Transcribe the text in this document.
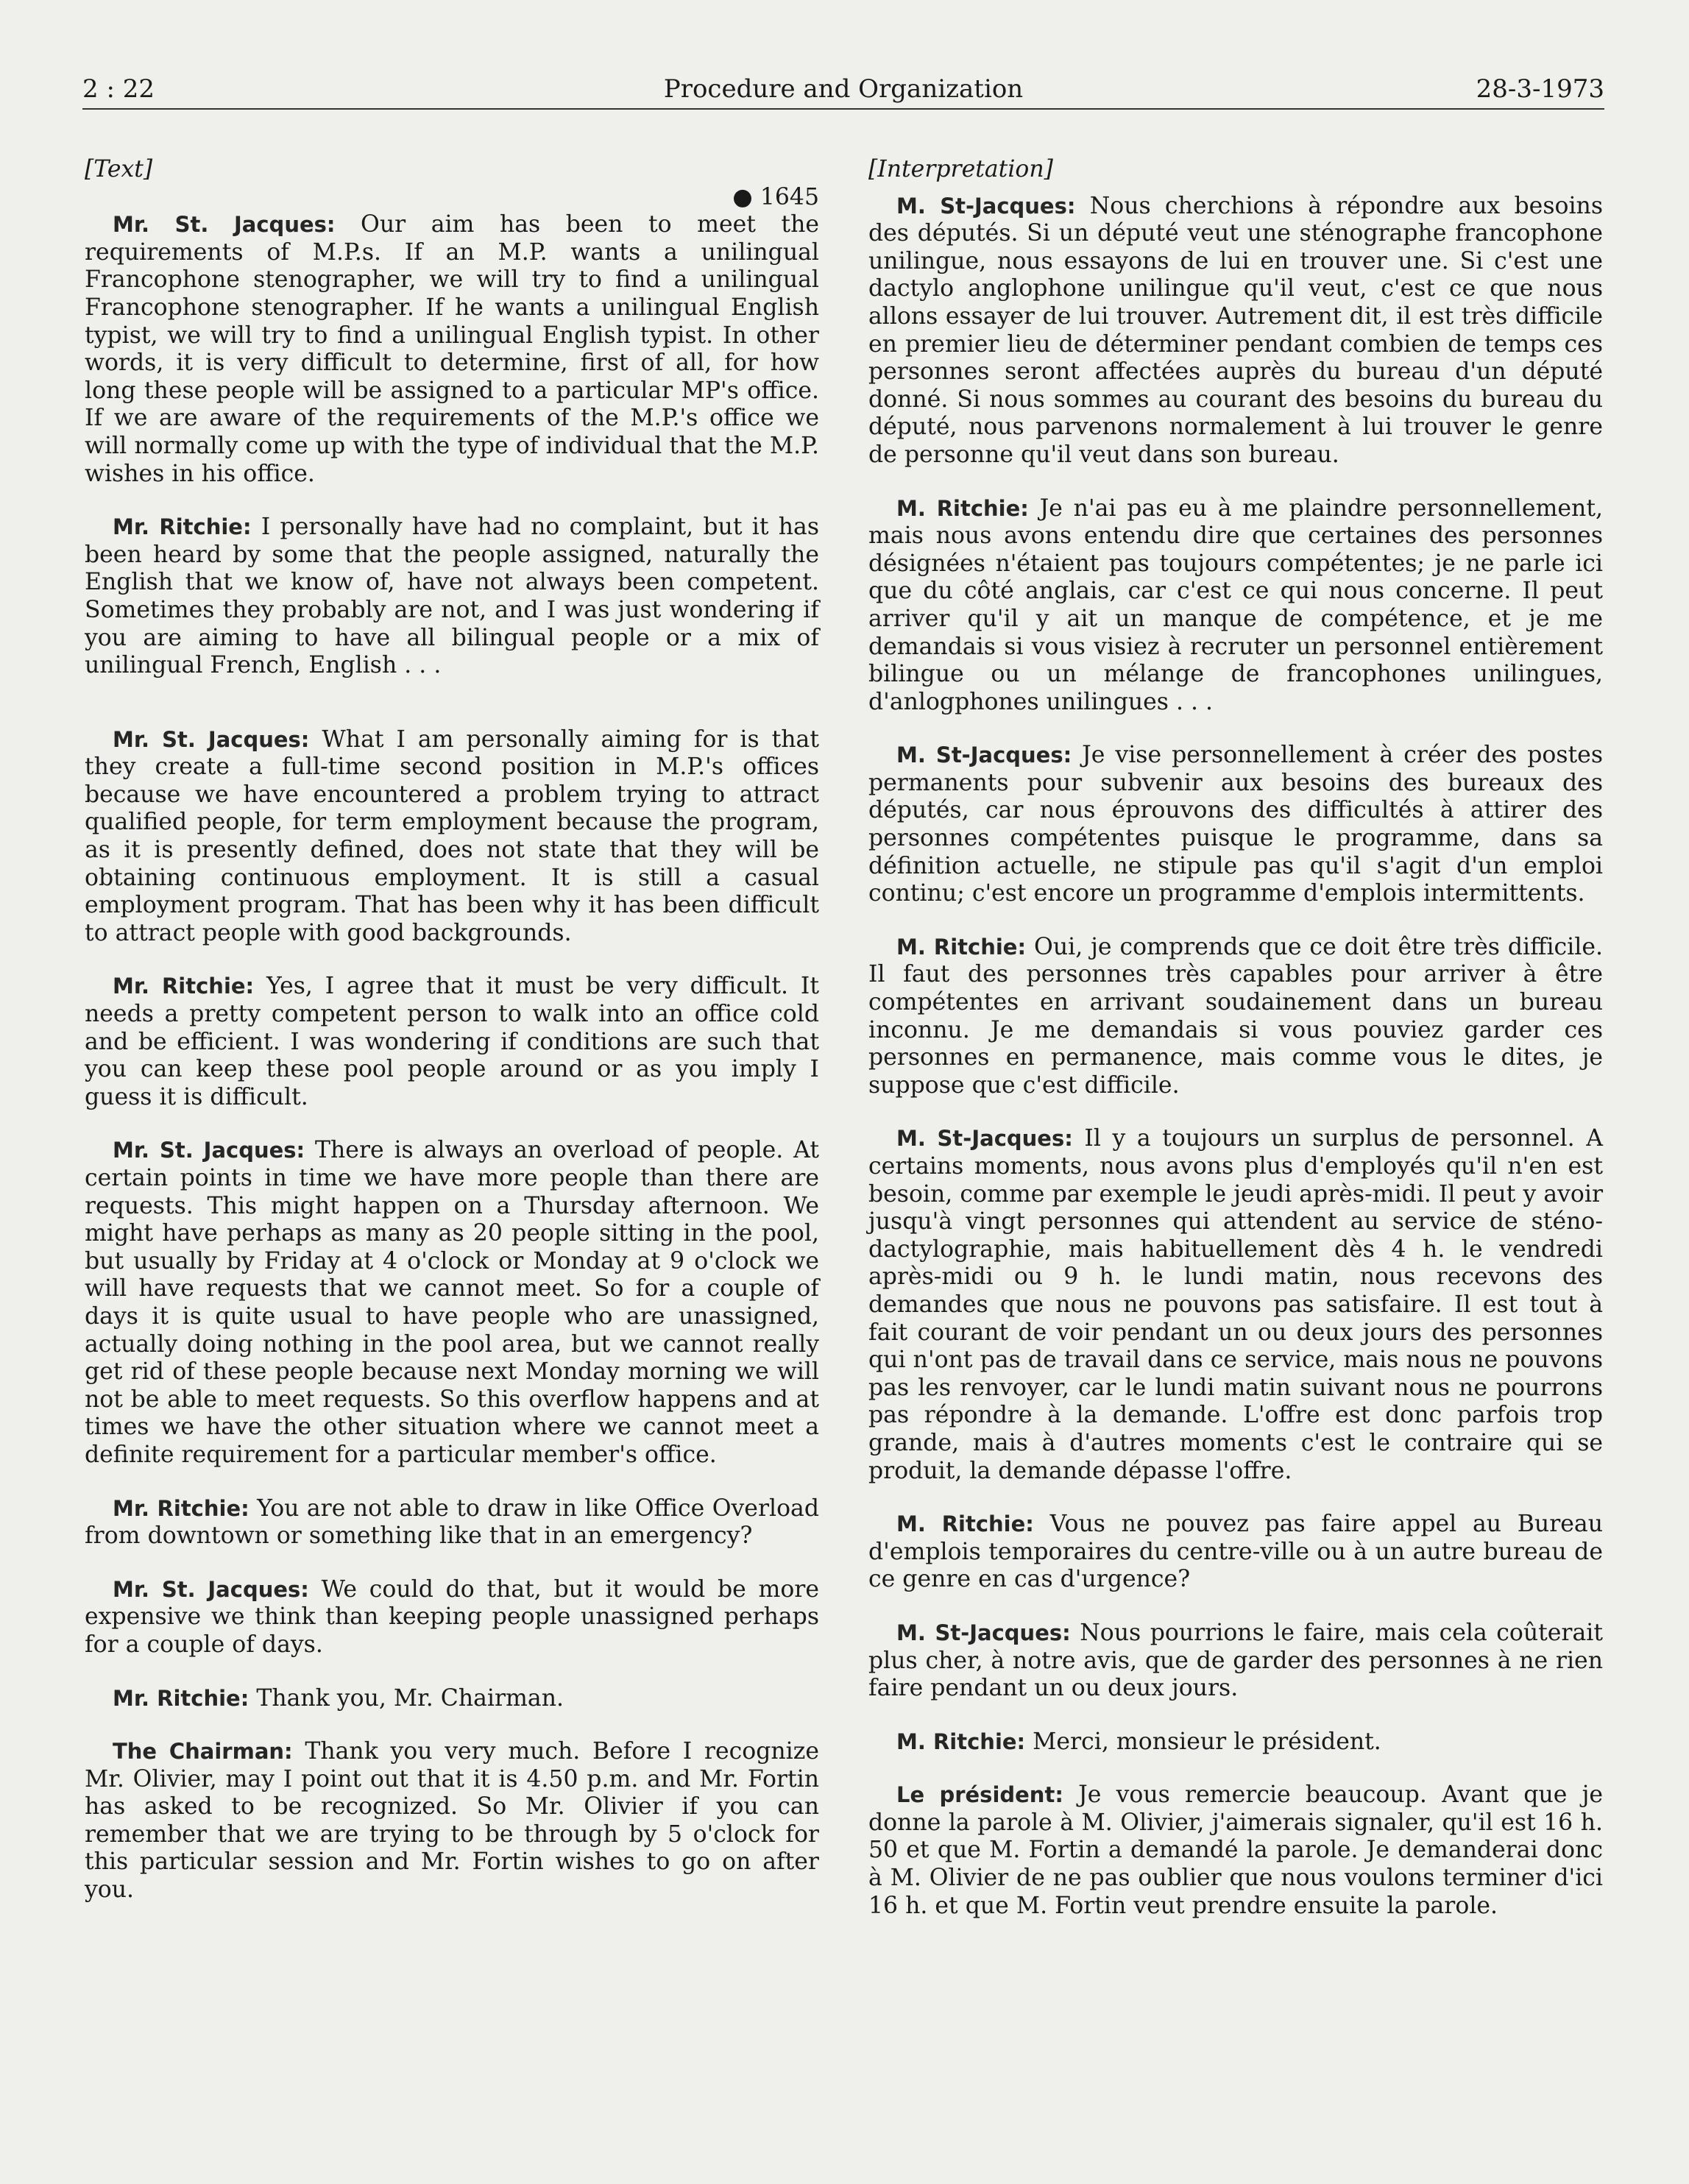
2 : 22	Procedure and Organization	28-3-1973

[Text]

● 1645

Mr. St. Jacques: Our aim has been to meet the requirements of M.P.s. If an M.P. wants a unilingual Francophone stenographer, we will try to find a unilingual Francophone stenographer. If he wants a unilingual English typist, we will try to find a unilingual English typist. In other words, it is very difficult to determine, first of all, for how long these people will be assigned to a particular MP's office. If we are aware of the requirements of the M.P.'s office we will normally come up with the type of individual that the M.P. wishes in his office.

Mr. Ritchie: I personally have had no complaint, but it has been heard by some that the people assigned, naturally the English that we know of, have not always been competent. Sometimes they probably are not, and I was just wondering if you are aiming to have all bilingual people or a mix of unilingual French, English . . .

Mr. St. Jacques: What I am personally aiming for is that they create a full-time second position in M.P.'s offices because we have encountered a problem trying to attract qualified people, for term employment because the program, as it is presently defined, does not state that they will be obtaining continuous employment. It is still a casual employment program. That has been why it has been difficult to attract people with good backgrounds.

Mr. Ritchie: Yes, I agree that it must be very difficult. It needs a pretty competent person to walk into an office cold and be efficient. I was wondering if conditions are such that you can keep these pool people around or as you imply I guess it is difficult.

Mr. St. Jacques: There is always an overload of people. At certain points in time we have more people than there are requests. This might happen on a Thursday afternoon. We might have perhaps as many as 20 people sitting in the pool, but usually by Friday at 4 o'clock or Monday at 9 o'clock we will have requests that we cannot meet. So for a couple of days it is quite usual to have people who are unassigned, actually doing nothing in the pool area, but we cannot really get rid of these people because next Monday morning we will not be able to meet requests. So this overflow happens and at times we have the other situation where we cannot meet a definite requirement for a particular member's office.

Mr. Ritchie: You are not able to draw in like Office Overload from downtown or something like that in an emergency?

Mr. St. Jacques: We could do that, but it would be more expensive we think than keeping people unassigned perhaps for a couple of days.

Mr. Ritchie: Thank you, Mr. Chairman.

The Chairman: Thank you very much. Before I recognize Mr. Olivier, may I point out that it is 4.50 p.m. and Mr. Fortin has asked to be recognized. So Mr. Olivier if you can remember that we are trying to be through by 5 o'clock for this particular session and Mr. Fortin wishes to go on after you.

[Interpretation]

M. St-Jacques: Nous cherchions à répondre aux besoins des députés. Si un député veut une sténographe francophone unilingue, nous essayons de lui en trouver une. Si c'est une dactylo anglophone unilingue qu'il veut, c'est ce que nous allons essayer de lui trouver. Autrement dit, il est très difficile en premier lieu de déterminer pendant combien de temps ces personnes seront affectées auprès du bureau d'un député donné. Si nous sommes au courant des besoins du bureau du député, nous parvenons normalement à lui trouver le genre de personne qu'il veut dans son bureau.

M. Ritchie: Je n'ai pas eu à me plaindre personnellement, mais nous avons entendu dire que certaines des personnes désignées n'étaient pas toujours compétentes; je ne parle ici que du côté anglais, car c'est ce qui nous concerne. Il peut arriver qu'il y ait un manque de compétence, et je me demandais si vous visiez à recruter un personnel entièrement bilingue ou un mélange de francophones unilingues, d'anlogphones unilingues . . .

M. St-Jacques: Je vise personnellement à créer des postes permanents pour subvenir aux besoins des bureaux des députés, car nous éprouvons des difficultés à attirer des personnes compétentes puisque le programme, dans sa définition actuelle, ne stipule pas qu'il s'agit d'un emploi continu; c'est encore un programme d'emplois intermittents.

M. Ritchie: Oui, je comprends que ce doit être très difficile. Il faut des personnes très capables pour arriver à être compétentes en arrivant soudainement dans un bureau inconnu. Je me demandais si vous pouviez garder ces personnes en permanence, mais comme vous le dites, je suppose que c'est difficile.

M. St-Jacques: Il y a toujours un surplus de personnel. A certains moments, nous avons plus d'employés qu'il n'en est besoin, comme par exemple le jeudi après-midi. Il peut y avoir jusqu'à vingt personnes qui attendent au service de sténo-dactylographie, mais habituellement dès 4 h. le vendredi après-midi ou 9 h. le lundi matin, nous recevons des demandes que nous ne pouvons pas satisfaire. Il est tout à fait courant de voir pendant un ou deux jours des personnes qui n'ont pas de travail dans ce service, mais nous ne pouvons pas les renvoyer, car le lundi matin suivant nous ne pourrons pas répondre à la demande. L'offre est donc parfois trop grande, mais à d'autres moments c'est le contraire qui se produit, la demande dépasse l'offre.

M. Ritchie: Vous ne pouvez pas faire appel au Bureau d'emplois temporaires du centre-ville ou à un autre bureau de ce genre en cas d'urgence?

M. St-Jacques: Nous pourrions le faire, mais cela coûterait plus cher, à notre avis, que de garder des personnes à ne rien faire pendant un ou deux jours.

M. Ritchie: Merci, monsieur le président.

Le président: Je vous remercie beaucoup. Avant que je donne la parole à M. Olivier, j'aimerais signaler, qu'il est 16 h. 50 et que M. Fortin a demandé la parole. Je demanderai donc à M. Olivier de ne pas oublier que nous voulons terminer d'ici 16 h. et que M. Fortin veut prendre ensuite la parole.
